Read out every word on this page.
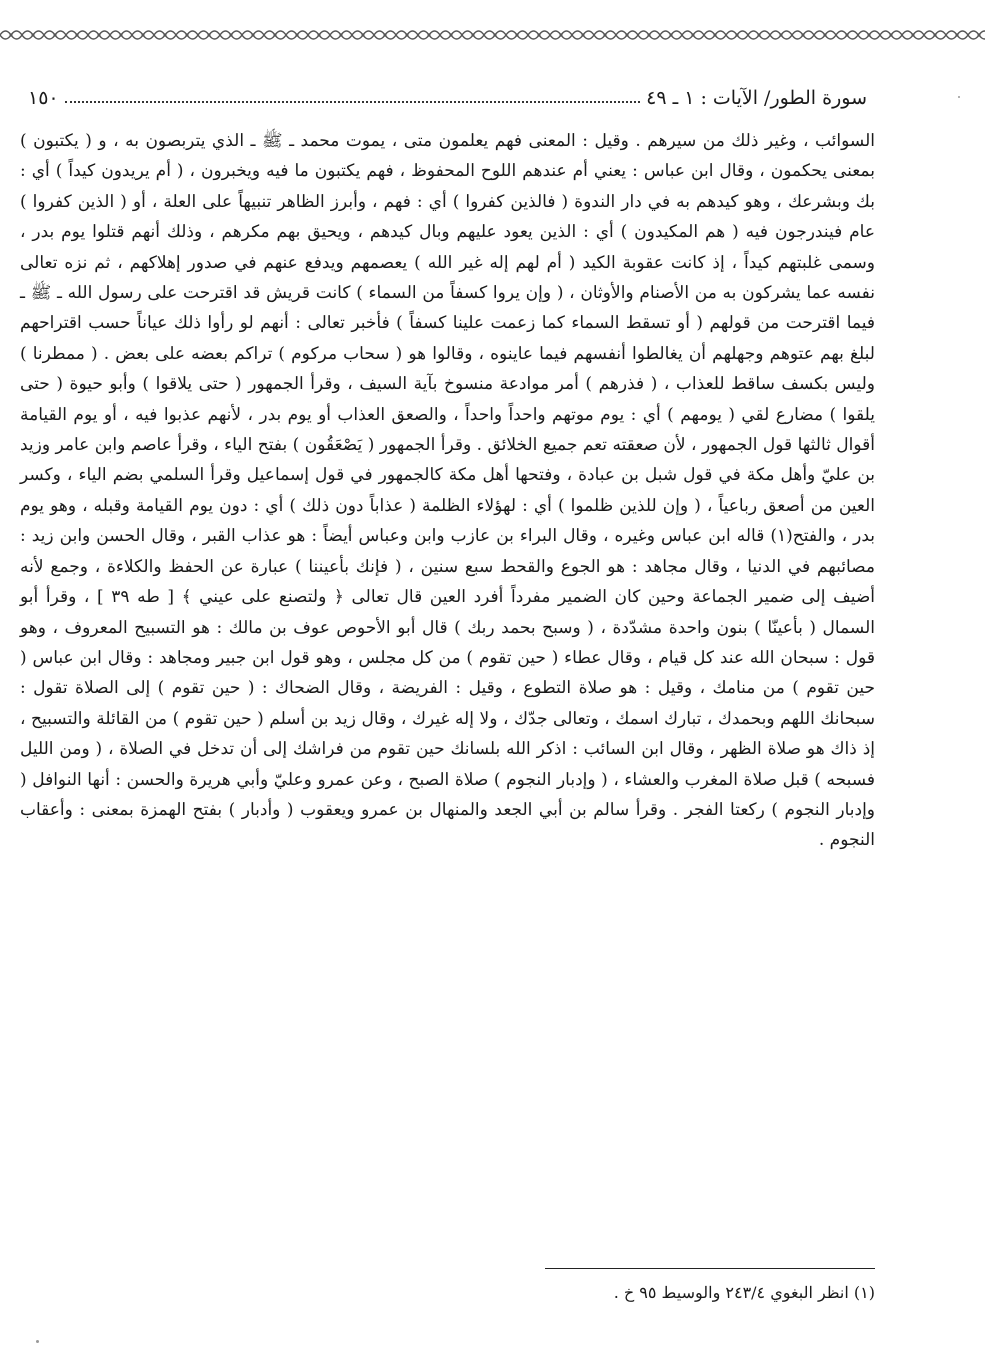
سورة الطور/ الآيات : ١ ـ ٤٩
١٥٠

السوائب ، وغير ذلك من سيرهم . وقيل : المعنى فهم يعلمون متى ، يموت محمد ـ ﷺ ـ الذي يتربصون به ، و ( يكتبون ) بمعنى يحكمون ، وقال ابن عباس : يعني أم عندهم اللوح المحفوظ ، فهم يكتبون ما فيه ويخبرون ، ( أم يريدون كيداً ) أي : بك وبشرعك ، وهو كيدهم به في دار الندوة ( فالذين كفروا ) أي : فهم ، وأبرز الظاهر تنبيهاً على العلة ، أو ( الذين كفروا ) عام فيندرجون فيه ( هم المكيدون ) أي : الذين يعود عليهم وبال كيدهم ، ويحيق بهم مكرهم ، وذلك أنهم قتلوا يوم بدر ، وسمى غلبتهم كيداً ، إذ كانت عقوبة الكيد ( أم لهم إله غير الله ) يعصمهم ويدفع عنهم في صدور إهلاكهم ، ثم نزه تعالى نفسه عما يشركون به من الأصنام والأوثان ، ( وإن يروا كسفاً من السماء ) كانت قريش قد اقترحت على رسول الله ـ ﷺ ـ فيما اقترحت من قولهم ( أو تسقط السماء كما زعمت علينا كسفاً ) فأخبر تعالى : أنهم لو رأوا ذلك عياناً حسب اقتراحهم لبلغ بهم عتوهم وجهلهم أن يغالطوا أنفسهم فيما عاينوه ، وقالوا هو ( سحاب مركوم ) تراكم بعضه على بعض . ( ممطرنا ) وليس بكسف ساقط للعذاب ، ( فذرهم ) أمر موادعة منسوخ بآية السيف ، وقرأ الجمهور ( حتى يلاقوا ) وأبو حيوة ( حتى يلقوا ) مضارع لقي ( يومهم ) أي : يوم موتهم واحداً واحداً ، والصعق العذاب أو يوم بدر ، لأنهم عذبوا فيه ، أو يوم القيامة أقوال ثالثها قول الجمهور ، لأن صعقته تعم جميع الخلائق . وقرأ الجمهور ( يَصْعَقُون ) بفتح الياء ، وقرأ عاصم وابن عامر وزيد بن عليّ وأهل مكة في قول شبل بن عبادة ، وفتحها أهل مكة كالجمهور في قول إسماعيل وقرأ السلمي بضم الياء ، وكسر العين من أصعق رباعياً ، ( وإن للذين ظلموا ) أي : لهؤلاء الظلمة ( عذاباً دون ذلك ) أي : دون يوم القيامة وقبله ، وهو يوم بدر ، والفتح(١) قاله ابن عباس وغيره ، وقال البراء بن عازب وابن وعباس أيضاً : هو عذاب القبر ، وقال الحسن وابن زيد : مصائبهم في الدنيا ، وقال مجاهد : هو الجوع والقحط سبع سنين ، ( فإنك بأعيننا ) عبارة عن الحفظ والكلاءة ، وجمع لأنه أضيف إلى ضمير الجماعة وحين كان الضمير مفرداً أفرد العين قال تعالى ﴿ ولتصنع على عيني ﴾ [ طه ٣٩ ] ، وقرأ أبو السمال ( بأعينّا ) بنون واحدة مشدّدة ، ( وسبح بحمد ربك ) قال أبو الأحوص عوف بن مالك : هو التسبيح المعروف ، وهو قول : سبحان الله عند كل قيام ، وقال عطاء ( حين تقوم ) من كل مجلس ، وهو قول ابن جبير ومجاهد : وقال ابن عباس ( حين تقوم ) من منامك ، وقيل : هو صلاة التطوع ، وقيل : الفريضة ، وقال الضحاك : ( حين تقوم ) إلى الصلاة تقول : سبحانك اللهم وبحمدك ، تبارك اسمك ، وتعالى جدّك ، ولا إله غيرك ، وقال زيد بن أسلم ( حين تقوم ) من القائلة والتسبيح ، إذ ذاك هو صلاة الظهر ، وقال ابن السائب : اذكر الله بلسانك حين تقوم من فراشك إلى أن تدخل في الصلاة ، ( ومن الليل فسبحه ) قبل صلاة المغرب والعشاء ، ( وإدبار النجوم ) صلاة الصبح ، وعن عمرو وعليّ وأبي هريرة والحسن : أنها النوافل ( وإدبار النجوم ) ركعتا الفجر . وقرأ سالم بن أبي الجعد والمنهال بن عمرو ويعقوب ( وأدبار ) بفتح الهمزة بمعنى : وأعقاب النجوم .

(١) انظر البغوي ٢٤٣/٤ والوسيط ٩٥ خ .
